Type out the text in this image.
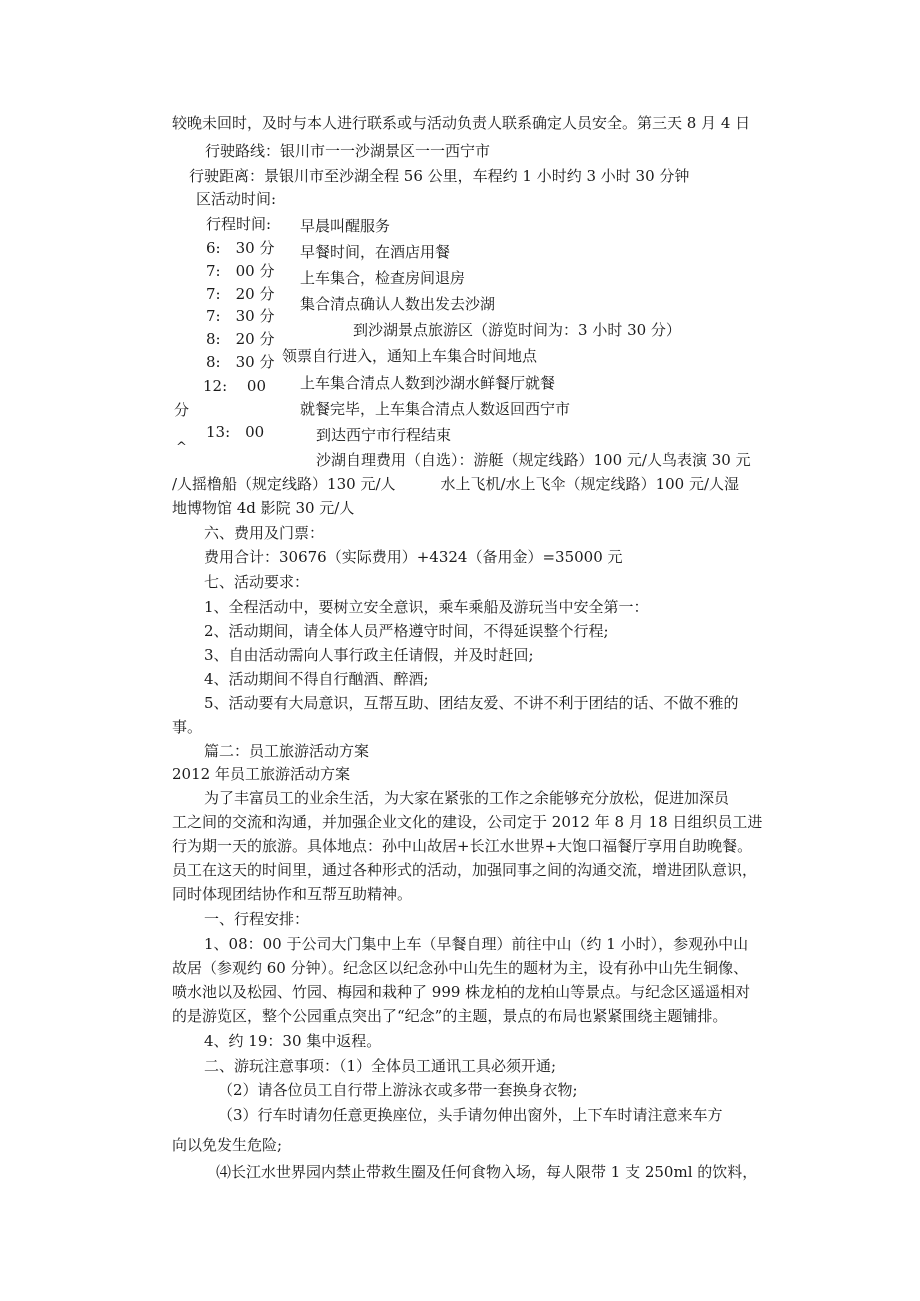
较晚未回时，及时与本人进行联系或与活动负责人联系确定人员安全。第三天 8 月 4 日
行驶路线：银川市一一沙湖景区一一西宁市
行驶距离：景银川市至沙湖全程 56 公里，车程约 1 小时约 3 小时 30 分钟
区活动时间:
行程时间: 早晨叫醒服务
6:　30 分 早餐时间，在酒店用餐
7:　00 分 上车集合，检查房间退房
7:　20 分
集合清点确认人数出发去沙湖
7:　30 分
到沙湖景点旅游区（游览时间为：3 小时 30 分）
8:　20 分
领票自行进入，通知上车集合时间地点
8:　30 分
12:　 00 上车集合清点人数到沙湖水鲜餐厅就餐
分	就餐完毕，上车集合清点人数返回西宁市
13:　00	到达西宁市行程结束
^
沙湖自理费用（自选）：游艇（规定线路）100 元/人鸟表演 30 元
/人摇橹船（规定线路）130 元/人　　　水上飞机/水上飞伞（规定线路）100 元/人湿
地博物馆 4d 影院 30 元/人
六、费用及门票：
费用合计：30676（实际费用）+4324（备用金）=35000 元
七、活动要求：
1、全程活动中，要树立安全意识，乘车乘船及游玩当中安全第一：
2、活动期间，请全体人员严格遵守时间，不得延误整个行程;
3、自由活动需向人事行政主任请假，并及时赶回;
4、活动期间不得自行酗酒、醉酒;
5、活动要有大局意识，互帮互助、团结友爱、不讲不利于团结的话、不做不雅的
事。
篇二：员工旅游活动方案
2012 年员工旅游活动方案
为了丰富员工的业余生活，为大家在紧张的工作之余能够充分放松，促进加深员
工之间的交流和沟通，并加强企业文化的建设，公司定于 2012 年 8 月 18 日组织员工进
行为期一天的旅游。具体地点：孙中山故居+长江水世界+大饱口福餐厅享用自助晚餐。
员工在这天的时间里，通过各种形式的活动，加强同事之间的沟通交流，增进团队意识，
同时体现团结协作和互帮互助精神。
一、行程安排：
1、08：00 于公司大门集中上车（早餐自理）前往中山（约 1 小时），参观孙中山
故居（参观约 60 分钟）。纪念区以纪念孙中山先生的题材为主，设有孙中山先生铜像、
喷水池以及松园、竹园、梅园和栽种了 999 株龙柏的龙柏山等景点。与纪念区遥遥相对
的是游览区，整个公园重点突出了“纪念”的主题，景点的布局也紧紧围绕主题铺排。
4、约 19：30 集中返程。
二、游玩注意事项：（1）全体员工通讯工具必须开通;
（2）请各位员工自行带上游泳衣或多带一套换身衣物;
（3）行车时请勿任意更换座位，头手请勿伸出窗外，上下车时请注意来车方
向以免发生危险;
⑷长江水世界园内禁止带救生圈及任何食物入场，每人限带 1 支 250ml 的饮料，
